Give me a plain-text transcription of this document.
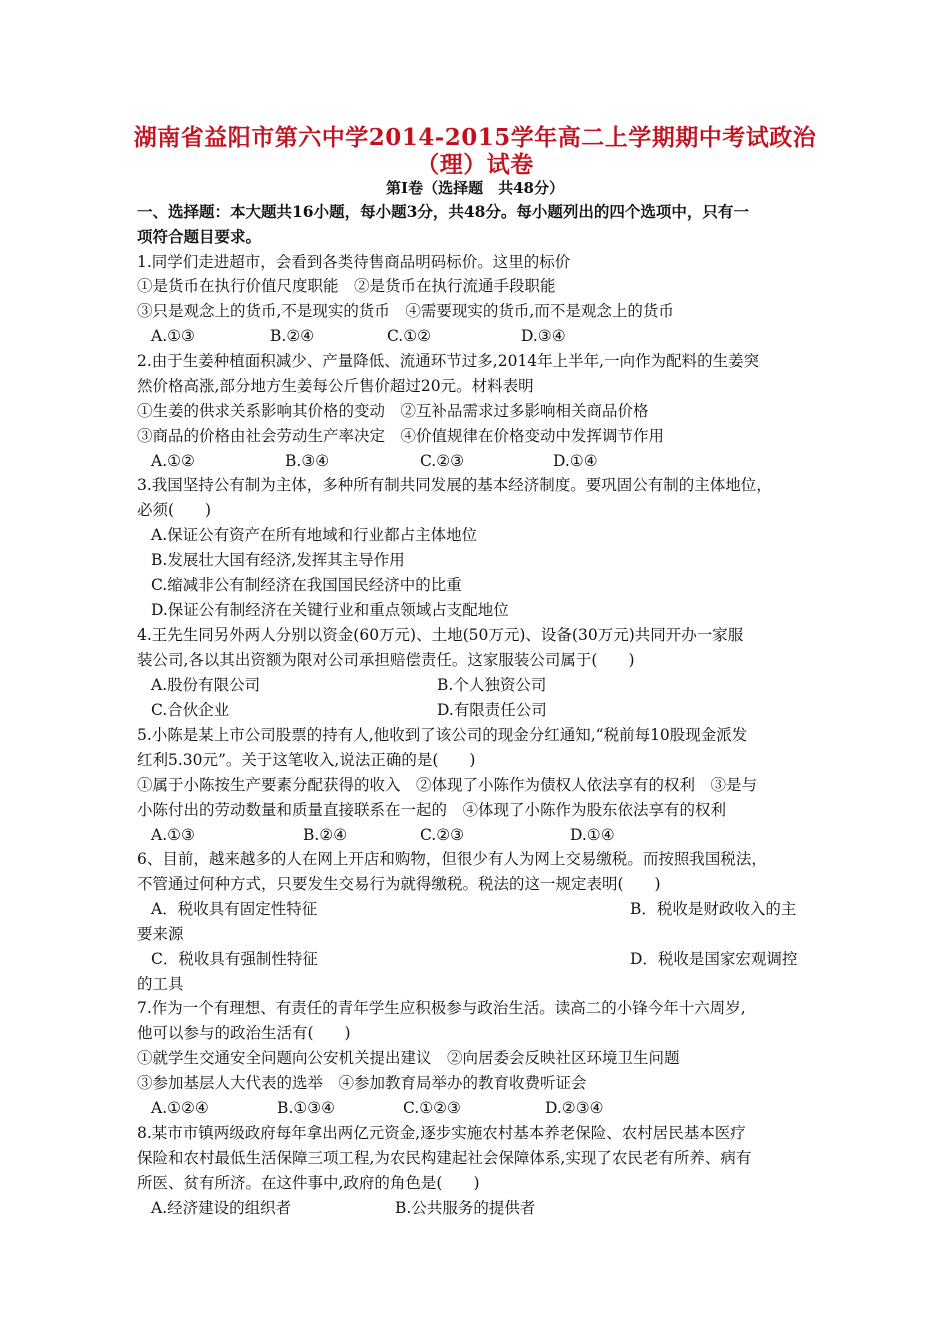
湖南省益阳市第六中学2014-2015学年高二上学期期中考试政治
（理）试卷
第Ⅰ卷（选择题　共48分）
一、选择题：本大题共16小题，每小题3分，共48分。每小题列出的四个选项中，只有一
项符合题目要求。
1.同学们走进超市，会看到各类待售商品明码标价。这里的标价
①是货币在执行价值尺度职能　②是货币在执行流通手段职能
③只是观念上的货币,不是现实的货币　④需要现实的货币,而不是观念上的货币
A.①③	B.②④	C.①②	D.③④
2.由于生姜种植面积减少、产量降低、流通环节过多,2014年上半年,一向作为配料的生姜突
然价格高涨,部分地方生姜每公斤售价超过20元。材料表明
①生姜的供求关系影响其价格的变动　②互补品需求过多影响相关商品价格
③商品的价格由社会劳动生产率决定　④价值规律在价格变动中发挥调节作用
A.①②	B.③④	C.②③	D.①④
3.我国坚持公有制为主体，多种所有制共同发展的基本经济制度。要巩固公有制的主体地位，
必须(　　)
A.保证公有资产在所有地域和行业都占主体地位
B.发展壮大国有经济,发挥其主导作用
C.缩减非公有制经济在我国国民经济中的比重
D.保证公有制经济在关键行业和重点领域占支配地位
4.王先生同另外两人分别以资金(60万元)、土地(50万元)、设备(30万元)共同开办一家服
装公司,各以其出资额为限对公司承担赔偿责任。这家服装公司属于(　　)
A.股份有限公司	B.个人独资公司
C.合伙企业	D.有限责任公司
5.小陈是某上市公司股票的持有人,他收到了该公司的现金分红通知,“税前每10股现金派发
红利5.30元”。关于这笔收入,说法正确的是(　　)
①属于小陈按生产要素分配获得的收入　②体现了小陈作为债权人依法享有的权利　③是与
小陈付出的劳动数量和质量直接联系在一起的　④体现了小陈作为股东依法享有的权利
A.①③	B.②④	C.②③	D.①④
6、目前，越来越多的人在网上开店和购物，但很少有人为网上交易缴税。而按照我国税法，
不管通过何种方式，只要发生交易行为就得缴税。税法的这一规定表明(　　)
A．税收具有固定性特征	B．税收是财政收入的主
要来源
C．税收具有强制性特征	D．税收是国家宏观调控
的工具
7.作为一个有理想、有责任的青年学生应积极参与政治生活。读高二的小锋今年十六周岁,
他可以参与的政治生活有(　　)
①就学生交通安全问题向公安机关提出建议　②向居委会反映社区环境卫生问题
③参加基层人大代表的选举　④参加教育局举办的教育收费听证会
A.①②④	B.①③④	C.①②③	D.②③④
8.某市市镇两级政府每年拿出两亿元资金,逐步实施农村基本养老保险、农村居民基本医疗
保险和农村最低生活保障三项工程,为农民构建起社会保障体系,实现了农民老有所养、病有
所医、贫有所济。在这件事中,政府的角色是(　　)
A.经济建设的组织者	B.公共服务的提供者
